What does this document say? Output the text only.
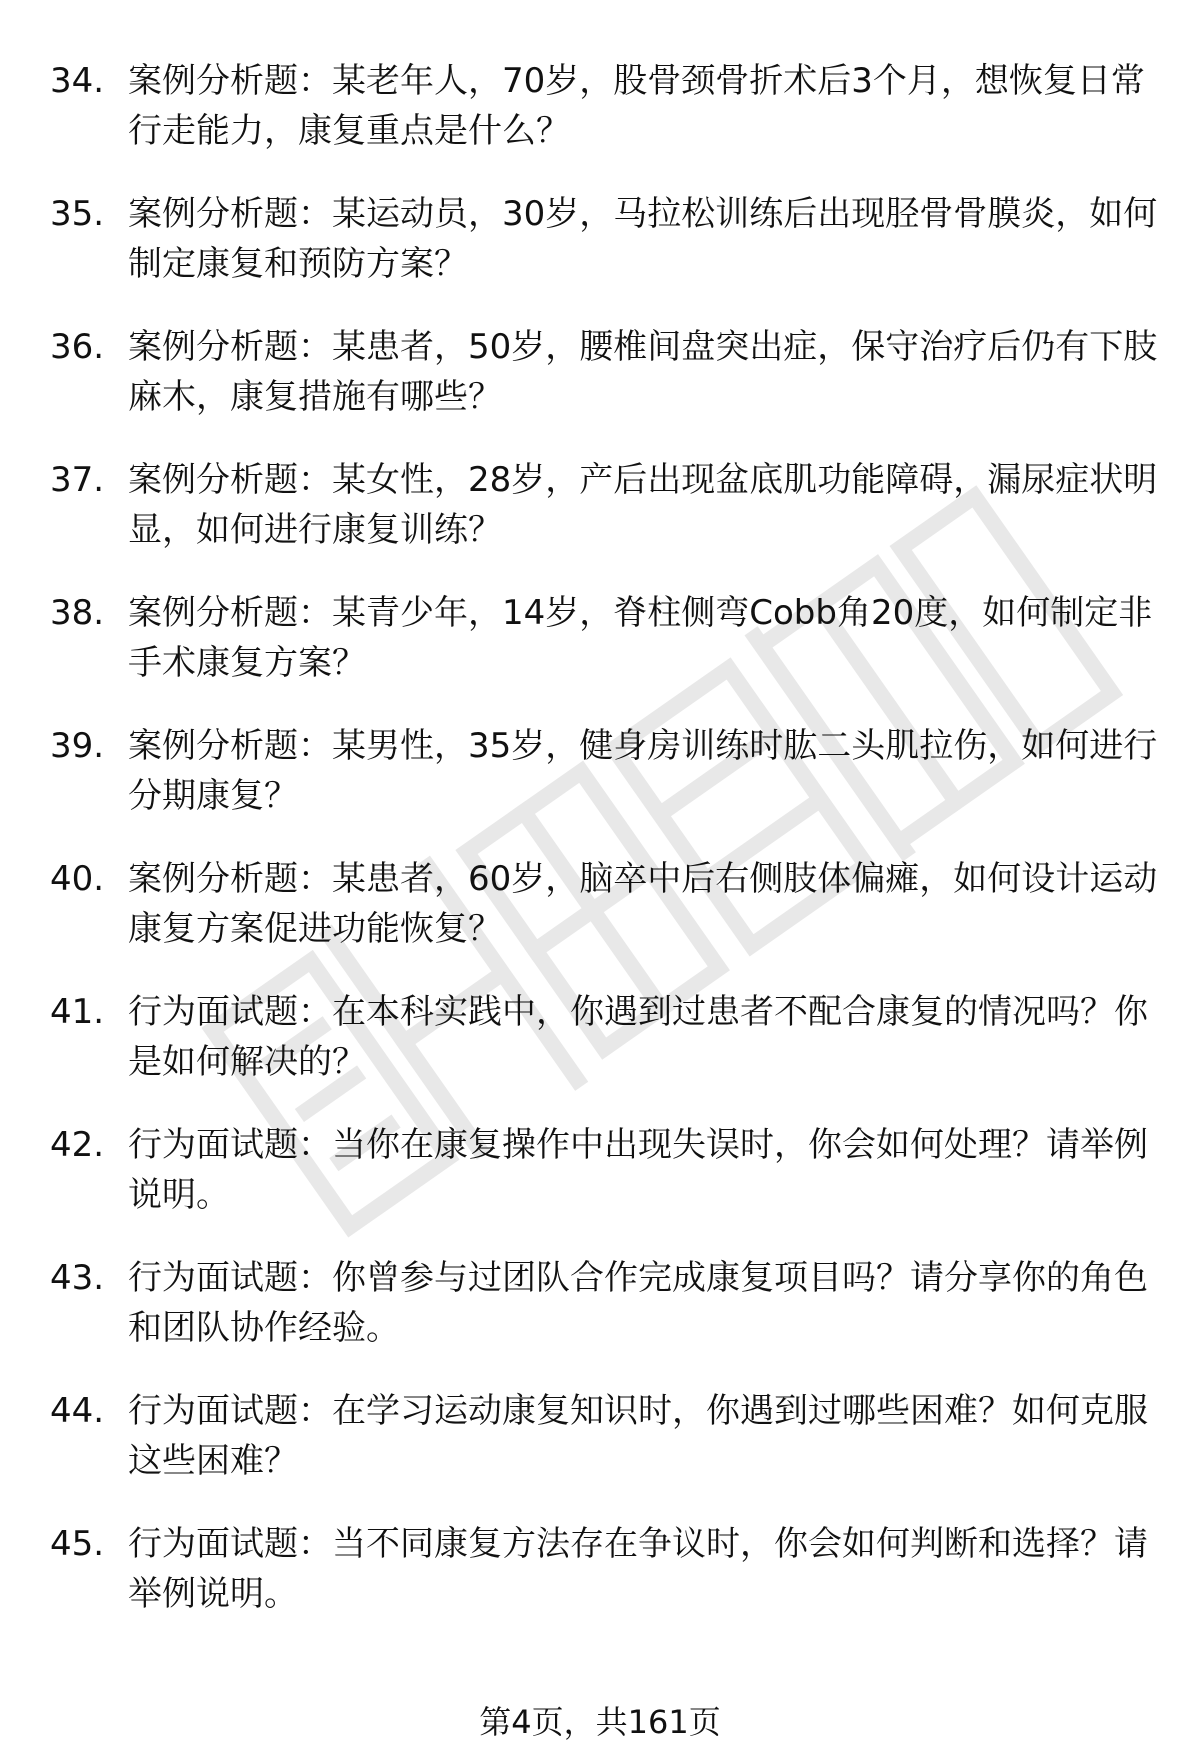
34. 案例分析题：某老年人，70岁，股骨颈骨折术后3个月，想恢复日常行走能力，康复重点是什么？
35. 案例分析题：某运动员，30岁，马拉松训练后出现胫骨骨膜炎，如何制定康复和预防方案？
36. 案例分析题：某患者，50岁，腰椎间盘突出症，保守治疗后仍有下肢麻木，康复措施有哪些？
37. 案例分析题：某女性，28岁，产后出现盆底肌功能障碍，漏尿症状明显，如何进行康复训练？
38. 案例分析题：某青少年，14岁，脊柱侧弯Cobb角20度，如何制定非手术康复方案？
39. 案例分析题：某男性，35岁，健身房训练时肱二头肌拉伤，如何进行分期康复？
40. 案例分析题：某患者，60岁，脑卒中后右侧肢体偏瘫，如何设计运动康复方案促进功能恢复？
41. 行为面试题：在本科实践中，你遇到过患者不配合康复的情况吗？你是如何解决的？
42. 行为面试题：当你在康复操作中出现失误时，你会如何处理？请举例说明。
43. 行为面试题：你曾参与过团队合作完成康复项目吗？请分享你的角色和团队协作经验。
44. 行为面试题：在学习运动康复知识时，你遇到过哪些困难？如何克服这些困难？
45. 行为面试题：当不同康复方法存在争议时，你会如何判断和选择？请举例说明。
第4页，共161页
